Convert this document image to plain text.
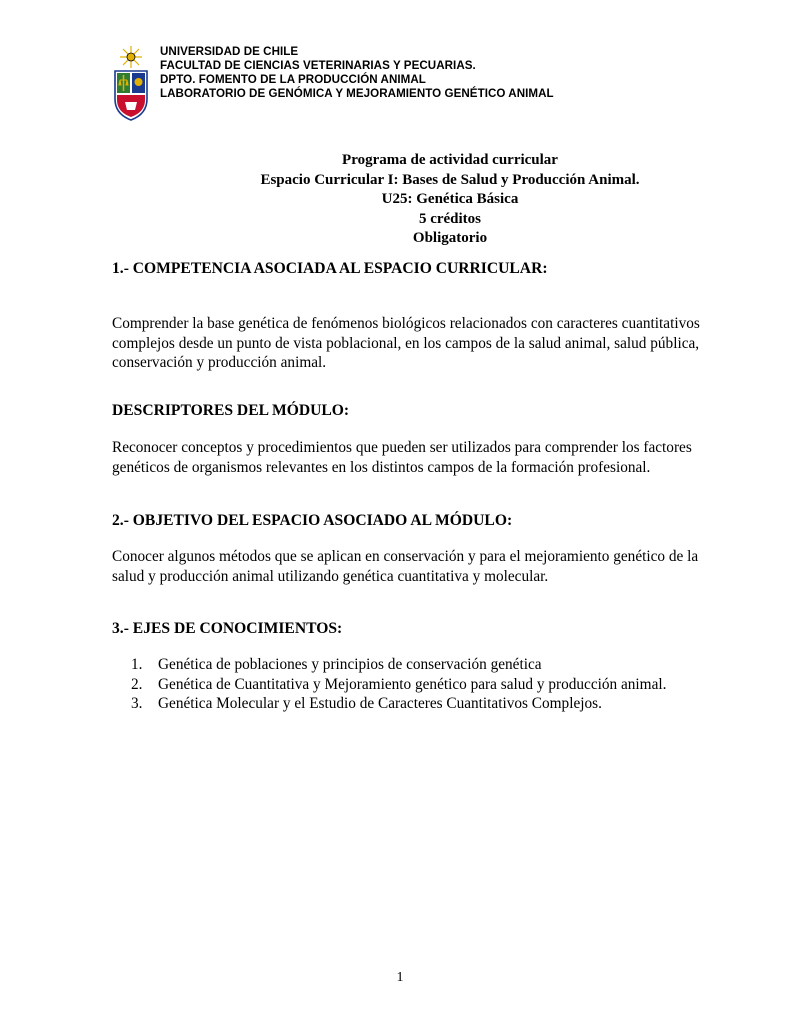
UNIVERSIDAD DE CHILE
FACULTAD DE CIENCIAS VETERINARIAS Y PECUARIAS.
DPTO. FOMENTO DE LA PRODUCCIÓN ANIMAL
LABORATORIO DE GENÓMICA Y MEJORAMIENTO GENÉTICO ANIMAL
Programa de actividad curricular
Espacio Curricular I: Bases de Salud y Producción Animal.
U25: Genética Básica
5 créditos
Obligatorio
1.- COMPETENCIA ASOCIADA AL ESPACIO CURRICULAR:
Comprender la base genética de fenómenos biológicos relacionados con caracteres cuantitativos
complejos desde un punto de vista poblacional, en los campos de la salud animal, salud pública,
conservación y producción animal.
DESCRIPTORES DEL MÓDULO:
Reconocer conceptos y procedimientos que pueden ser utilizados para comprender los factores
genéticos de organismos relevantes en los distintos campos de la formación profesional.
2.- OBJETIVO DEL ESPACIO ASOCIADO AL MÓDULO:
Conocer algunos métodos que se aplican en conservación y para el mejoramiento genético de la
salud y producción animal utilizando genética cuantitativa y molecular.
3.- EJES DE CONOCIMIENTOS:
1. Genética de poblaciones y principios de conservación genética
2. Genética de Cuantitativa y Mejoramiento genético para salud y producción animal.
3. Genética Molecular y el Estudio de Caracteres Cuantitativos Complejos.
1
